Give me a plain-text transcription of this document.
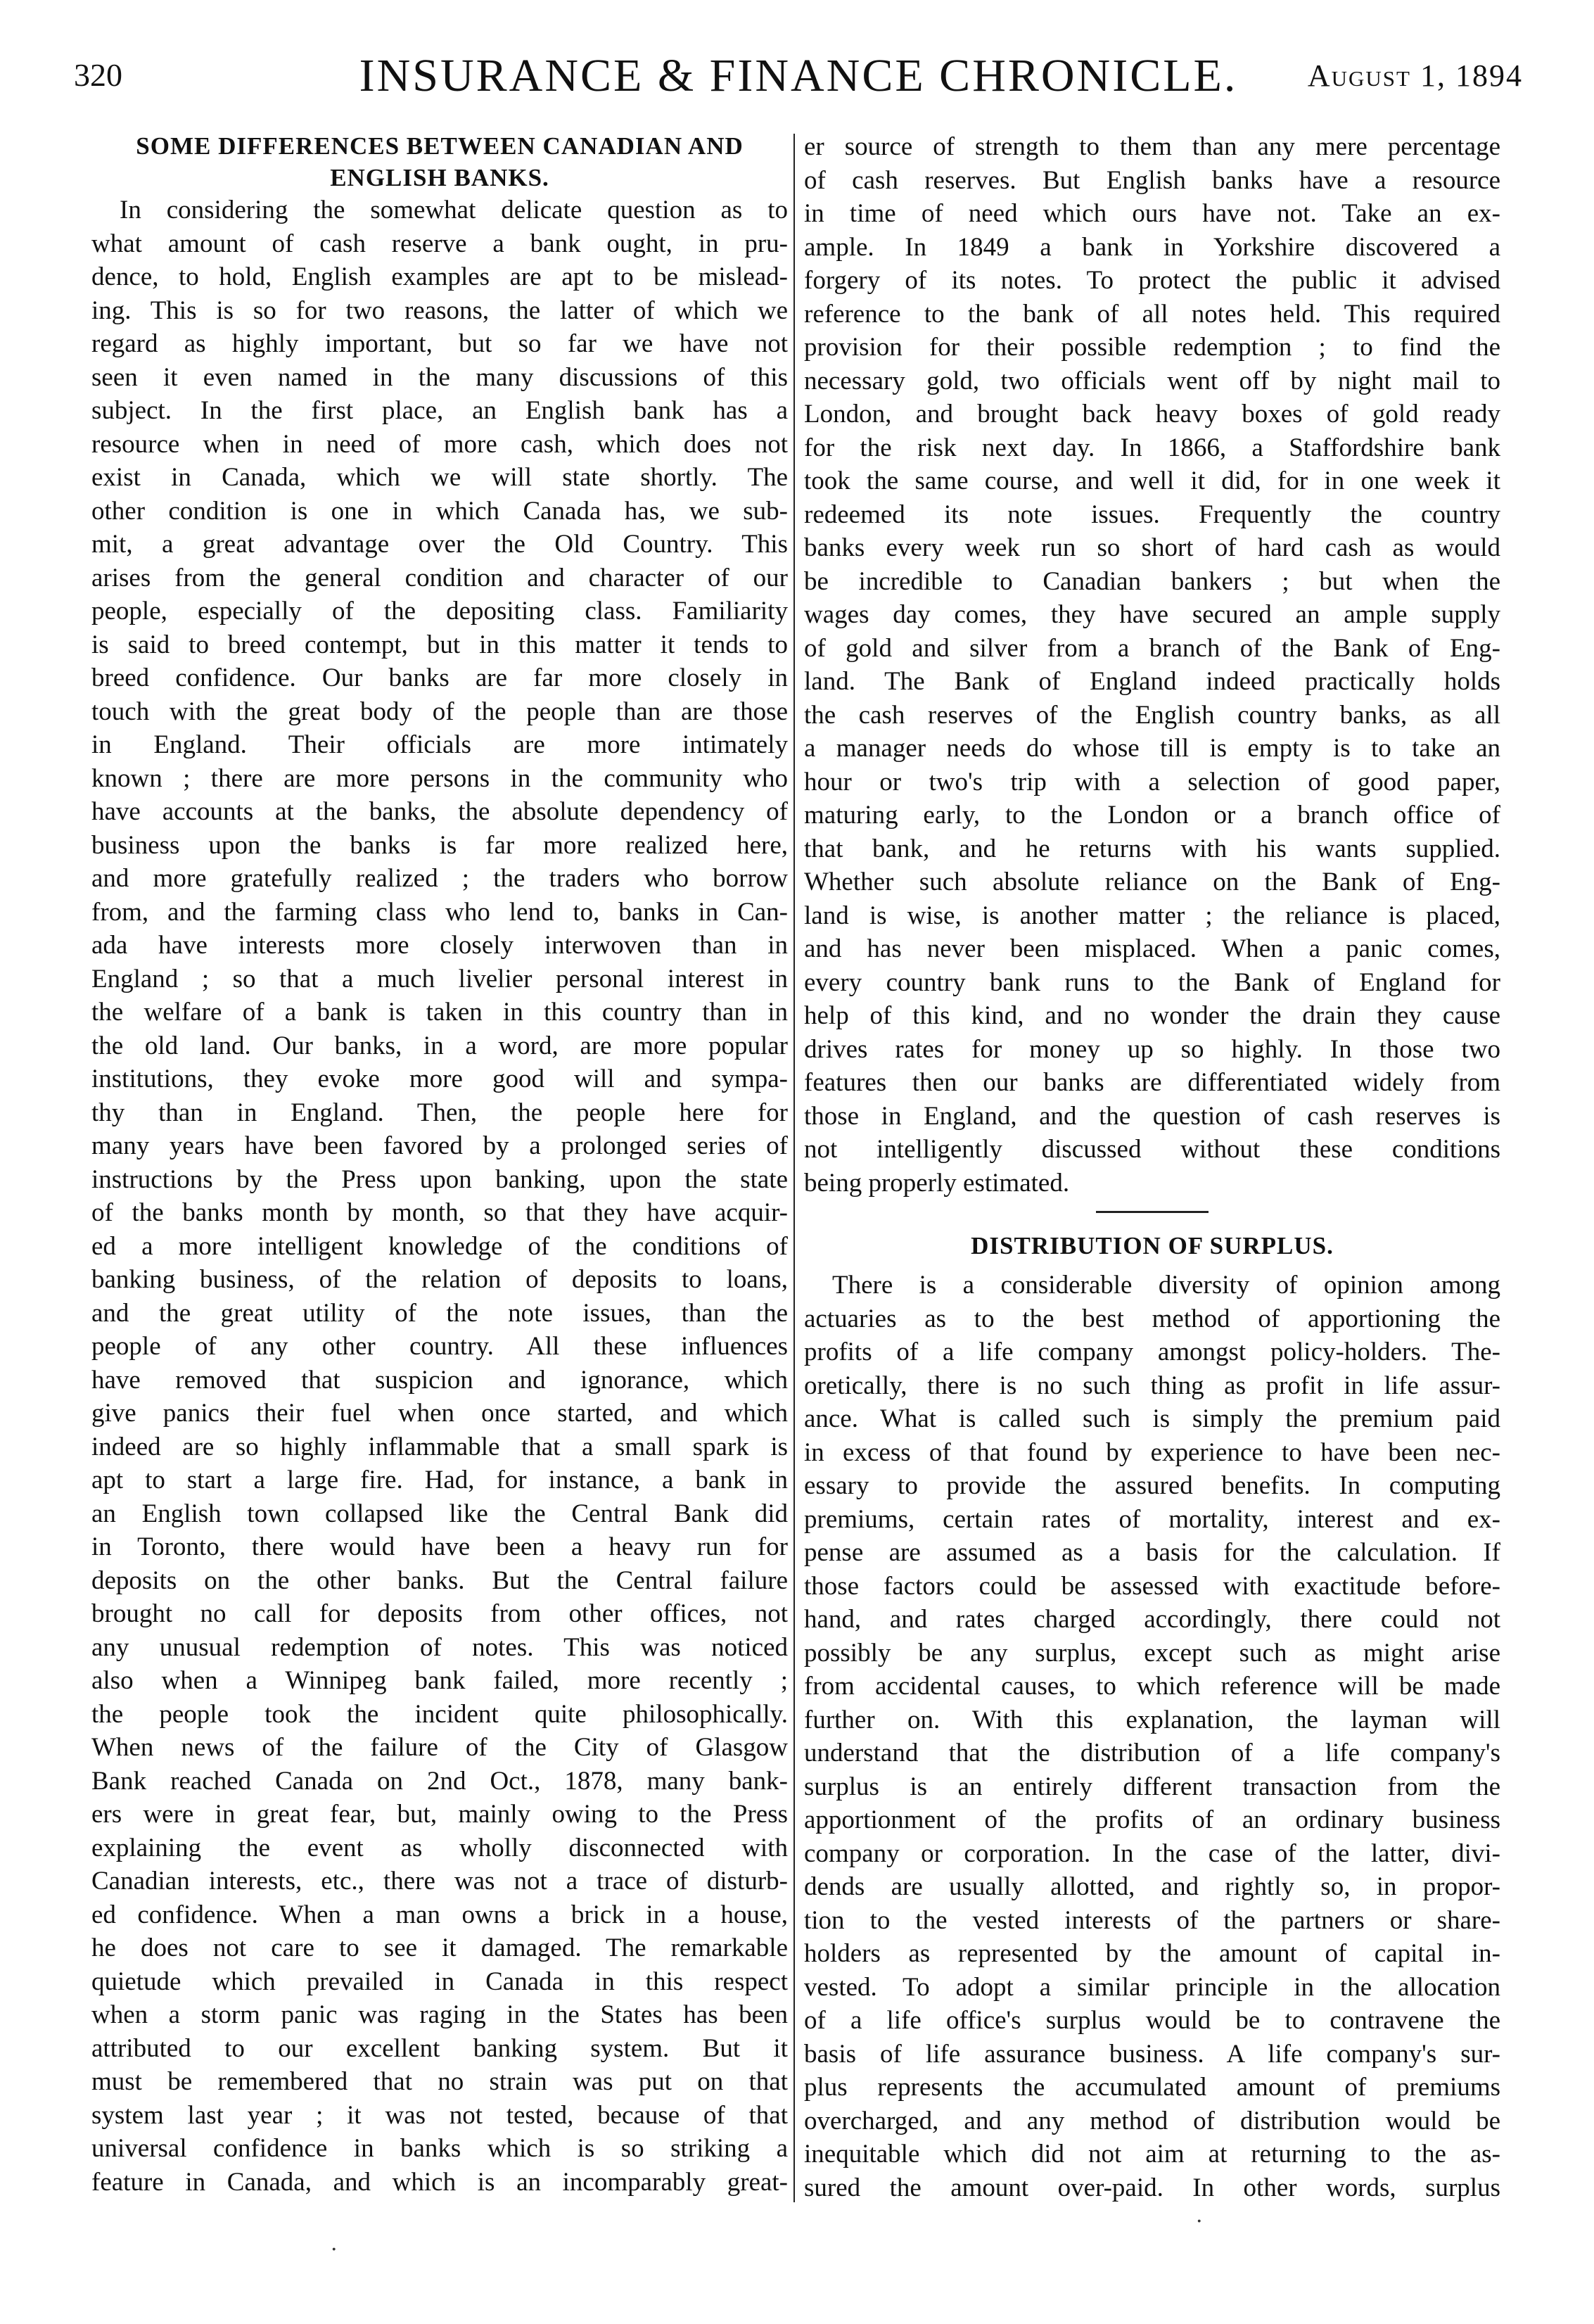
320	INSURANCE & FINANCE CHRONICLE.	August 1, 1894
SOME DIFFERENCES BETWEEN CANADIAN AND
ENGLISH BANKS.

In considering the somewhat delicate question as to

what amount of cash reserve a bank ought, in pru-

dence, to hold, English examples are apt to be mislead-

ing. This is so for two reasons, the latter of which we

regard as highly important, but so far we have not

seen it even named in the many discussions of this

subject. In the first place, an English bank has a

resource when in need of more cash, which does not

exist in Canada, which we will state shortly. The

other condition is one in which Canada has, we sub-

mit, a great advantage over the Old Country. This

arises from the general condition and character of our

people, especially of the depositing class. Familiarity

is said to breed contempt, but in this matter it tends to

breed confidence. Our banks are far more closely in

touch with the great body of the people than are those

in England. Their officials are more intimately

known ; there are more persons in the community who

have accounts at the banks, the absolute dependency of

business upon the banks is far more realized here,

and more gratefully realized ; the traders who borrow

from, and the farming class who lend to, banks in Can-

ada have interests more closely interwoven than in

England ; so that a much livelier personal interest in

the welfare of a bank is taken in this country than in

the old land. Our banks, in a word, are more popular

institutions, they evoke more good will and sympa-

thy than in England. Then, the people here for

many years have been favored by a prolonged series of

instructions by the Press upon banking, upon the state

of the banks month by month, so that they have acquir-

ed a more intelligent knowledge of the conditions of

banking business, of the relation of deposits to loans,

and the great utility of the note issues, than the

people of any other country. All these influences

have removed that suspicion and ignorance, which

give panics their fuel when once started, and which

indeed are so highly inflammable that a small spark is

apt to start a large fire. Had, for instance, a bank in

an English town collapsed like the Central Bank did

in Toronto, there would have been a heavy run for

deposits on the other banks. But the Central failure

brought no call for deposits from other offices, not

any unusual redemption of notes. This was noticed

also when a Winnipeg bank failed, more recently ;

the people took the incident quite philosophically.

When news of the failure of the City of Glasgow

Bank reached Canada on 2nd Oct., 1878, many bank-

ers were in great fear, but, mainly owing to the Press

explaining the event as wholly disconnected with

Canadian interests, etc., there was not a trace of disturb-

ed confidence. When a man owns a brick in a house,

he does not care to see it damaged. The remarkable

quietude which prevailed in Canada in this respect

when a storm panic was raging in the States has been

attributed to our excellent banking system. But it

must be remembered that no strain was put on that

system last year ; it was not tested, because of that

universal confidence in banks which is so striking a

feature in Canada, and which is an incomparably great-

er source of strength to them than any mere percentage

of cash reserves. But English banks have a resource

in time of need which ours have not. Take an ex-

ample. In 1849 a bank in Yorkshire discovered a

forgery of its notes. To protect the public it advised

reference to the bank of all notes held. This required

provision for their possible redemption ; to find the

necessary gold, two officials went off by night mail to

London, and brought back heavy boxes of gold ready

for the risk next day. In 1866, a Staffordshire bank

took the same course, and well it did, for in one week it

redeemed its note issues. Frequently the country

banks every week run so short of hard cash as would

be incredible to Canadian bankers ; but when the

wages day comes, they have secured an ample supply

of gold and silver from a branch of the Bank of Eng-

land. The Bank of England indeed practically holds

the cash reserves of the English country banks, as all

a manager needs do whose till is empty is to take an

hour or two's trip with a selection of good paper,

maturing early, to the London or a branch office of

that bank, and he returns with his wants supplied.

Whether such absolute reliance on the Bank of Eng-

land is wise, is another matter ; the reliance is placed,

and has never been misplaced. When a panic comes,

every country bank runs to the Bank of England for

help of this kind, and no wonder the drain they cause

drives rates for money up so highly. In those two

features then our banks are differentiated widely from

those in England, and the question of cash reserves is

not intelligently discussed without these conditions

being properly estimated.

DISTRIBUTION OF SURPLUS.

There is a considerable diversity of opinion among

actuaries as to the best method of apportioning the

profits of a life company amongst policy-holders. The-

oretically, there is no such thing as profit in life assur-

ance. What is called such is simply the premium paid

in excess of that found by experience to have been nec-

essary to provide the assured benefits. In computing

premiums, certain rates of mortality, interest and ex-

pense are assumed as a basis for the calculation. If

those factors could be assessed with exactitude before-

hand, and rates charged accordingly, there could not

possibly be any surplus, except such as might arise

from accidental causes, to which reference will be made

further on. With this explanation, the layman will

understand that the distribution of a life company's

surplus is an entirely different transaction from the

apportionment of the profits of an ordinary business

company or corporation. In the case of the latter, divi-

dends are usually allotted, and rightly so, in propor-

tion to the vested interests of the partners or share-

holders as represented by the amount of capital in-

vested. To adopt a similar principle in the allocation

of a life office's surplus would be to contravene the

basis of life assurance business. A life company's sur-

plus represents the accumulated amount of premiums

overcharged, and any method of distribution would be

inequitable which did not aim at returning to the as-

sured the amount over-paid. In other words, surplus

·
·
